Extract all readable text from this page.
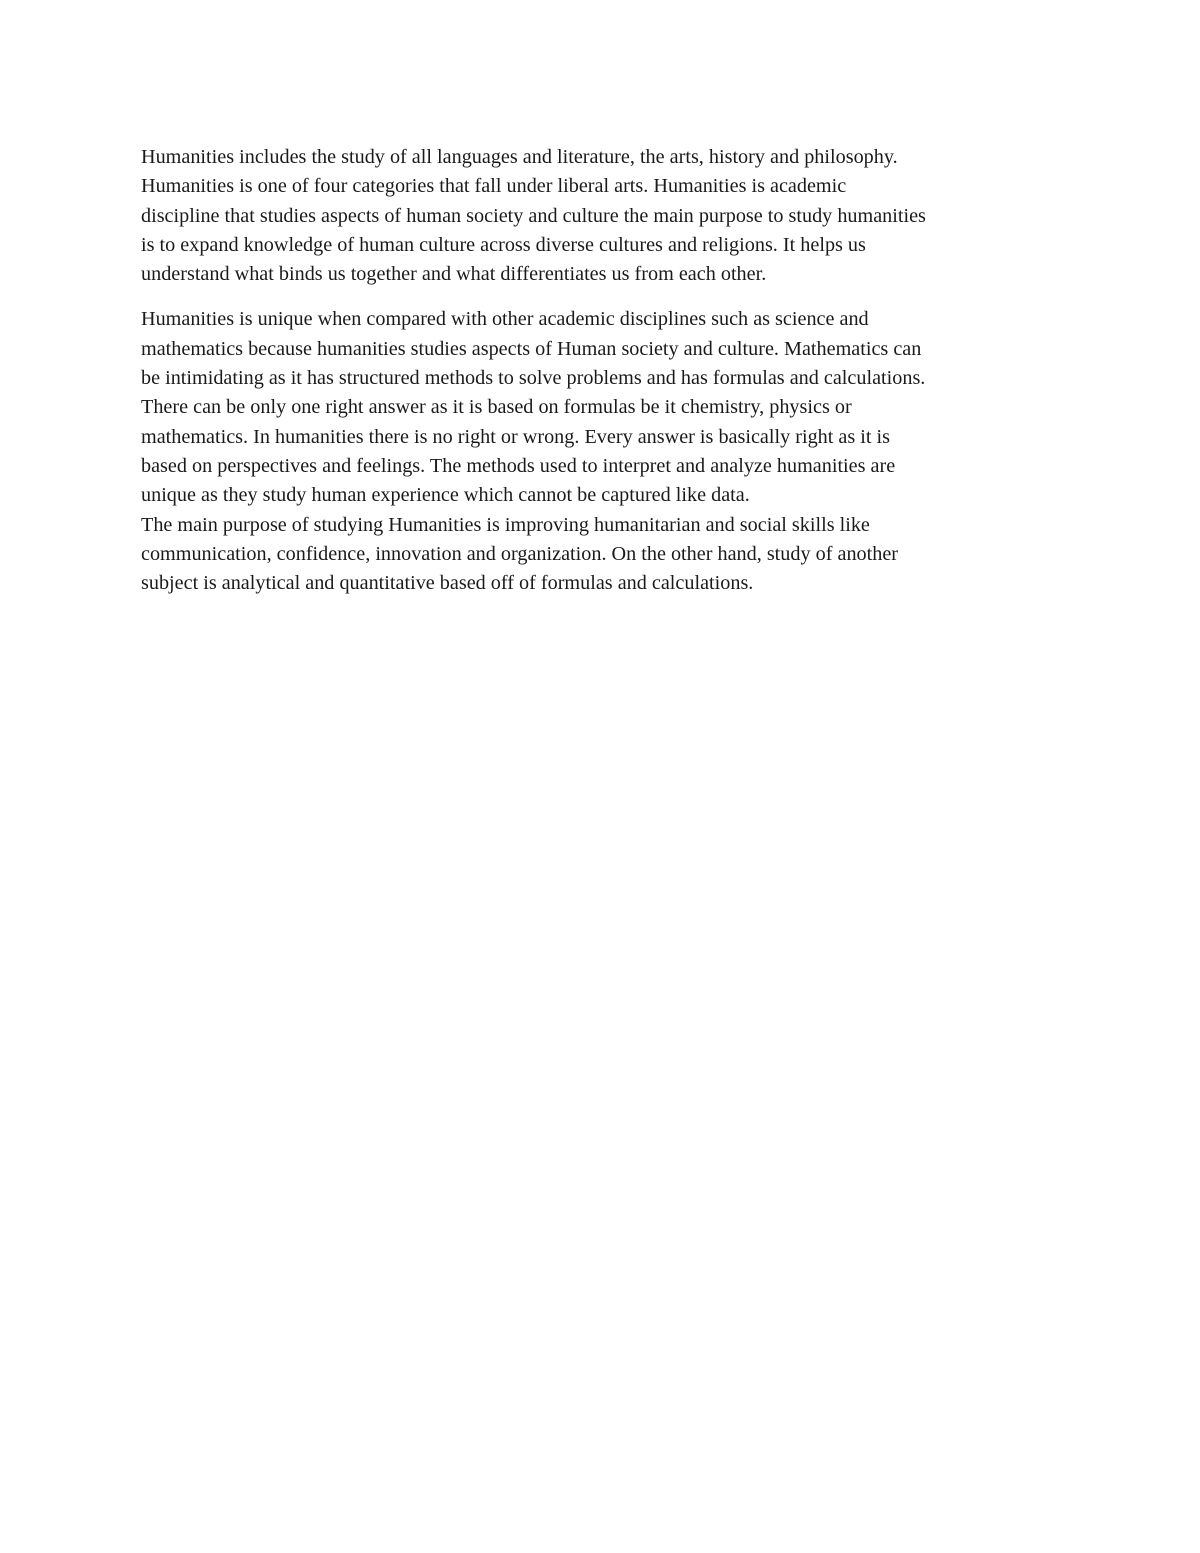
Humanities includes the study of all languages and literature, the arts, history and philosophy.
Humanities is one of four categories that fall under liberal arts. Humanities is academic
discipline that studies aspects of human society and culture the main purpose to study humanities
is to expand knowledge of human culture across diverse cultures and religions. It helps us
understand what binds us together and what differentiates us from each other.
Humanities is unique when compared with other academic disciplines such as science and
mathematics because humanities studies aspects of Human society and culture. Mathematics can
be intimidating as it has structured methods to solve problems and has formulas and calculations.
There can be only one right answer as it is based on formulas be it chemistry, physics or
mathematics. In humanities there is no right or wrong. Every answer is basically right as it is
based on perspectives and feelings. The methods used to interpret and analyze humanities are
unique as they study human experience which cannot be captured like data.
The main purpose of studying Humanities is improving humanitarian and social skills like
communication, confidence, innovation and organization. On the other hand, study of another
subject is analytical and quantitative based off of formulas and calculations.
